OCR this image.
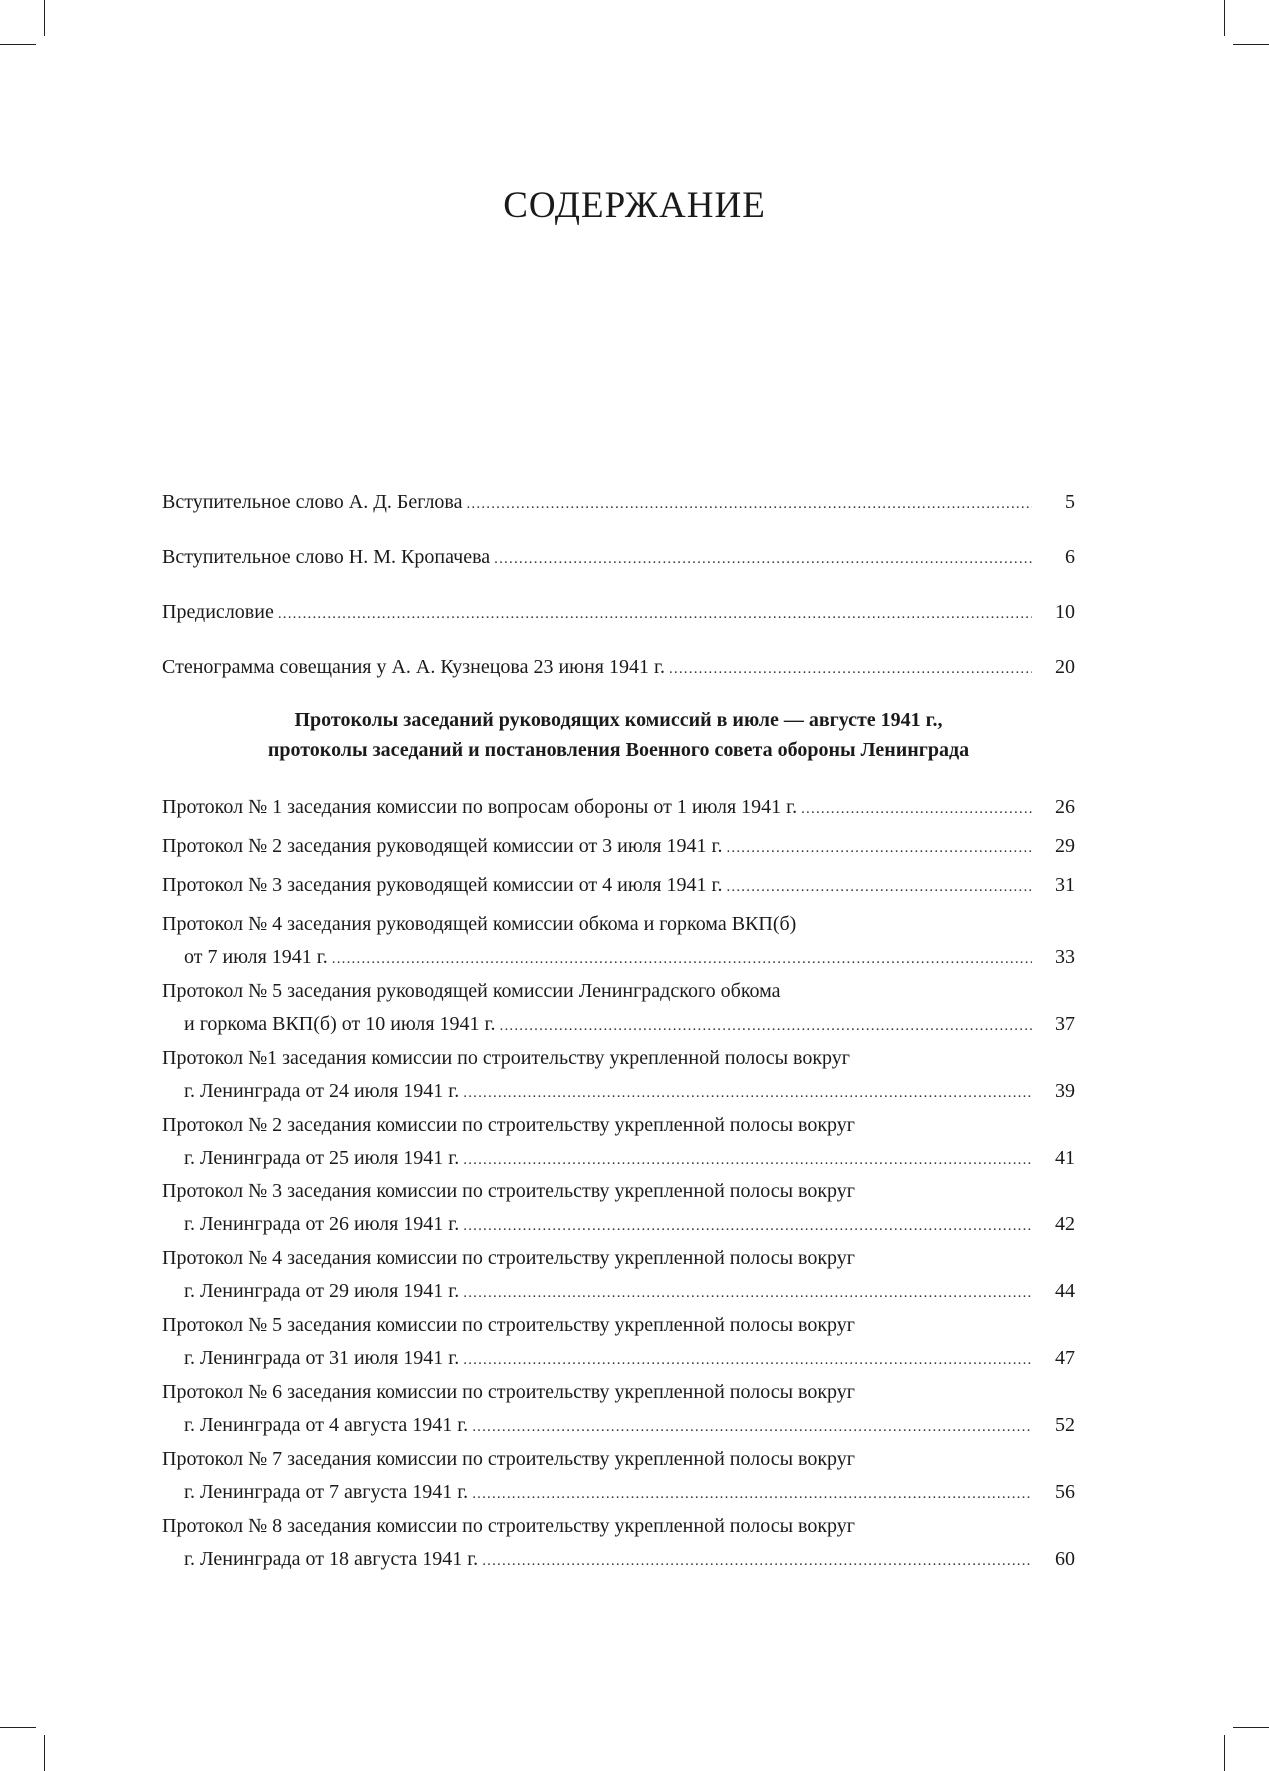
СОДЕРЖАНИЕ
Вступительное слово А. Д. Беглова .....	5
Вступительное слово Н. М. Кропачева .....	6
Предисловие .....	10
Стенограмма совещания у А. А. Кузнецова 23 июня 1941 г. .....	20
Протокол № 1 заседания комиссии по вопросам обороны от 1 июля 1941 г. .....	26
Протокол № 2 заседания руководящей комиссии от 3 июля 1941 г. .....	29
Протокол № 3 заседания руководящей комиссии от 4 июля 1941 г. .....	31
Протокол № 4 заседания руководящей комиссии обкома и горкома ВКП(б)
от 7 июля 1941 г. .....	33
Протокол № 5 заседания руководящей комиссии Ленинградского обкома
и горкома ВКП(б) от 10 июля 1941 г. .....	37
Протокол №1 заседания комиссии по строительству укрепленной полосы вокруг
г. Ленинграда от 24 июля 1941 г. .....	39
Протокол № 2 заседания комиссии по строительству укрепленной полосы вокруг
г. Ленинграда от 25 июля 1941 г. .....	41
Протокол № 3 заседания комиссии по строительству укрепленной полосы вокруг
г. Ленинграда от 26 июля 1941 г. .....	42
Протокол № 4 заседания комиссии по строительству укрепленной полосы вокруг
г. Ленинграда от 29 июля 1941 г. .....	44
Протокол № 5 заседания комиссии по строительству укрепленной полосы вокруг
г. Ленинграда от 31 июля 1941 г. .....	47
Протокол № 6 заседания комиссии по строительству укрепленной полосы вокруг
г. Ленинграда от 4 августа 1941 г. .....	52
Протокол № 7 заседания комиссии по строительству укрепленной полосы вокруг
г. Ленинграда от 7 августа 1941 г. .....	56
Протокол № 8 заседания комиссии по строительству укрепленной полосы вокруг
г. Ленинграда от 18 августа 1941 г. .....	60
Протоколы заседаний руководящих комиссий в июле — августе 1941 г.,
протоколы заседаний и постановления Военного совета обороны Ленинграда
